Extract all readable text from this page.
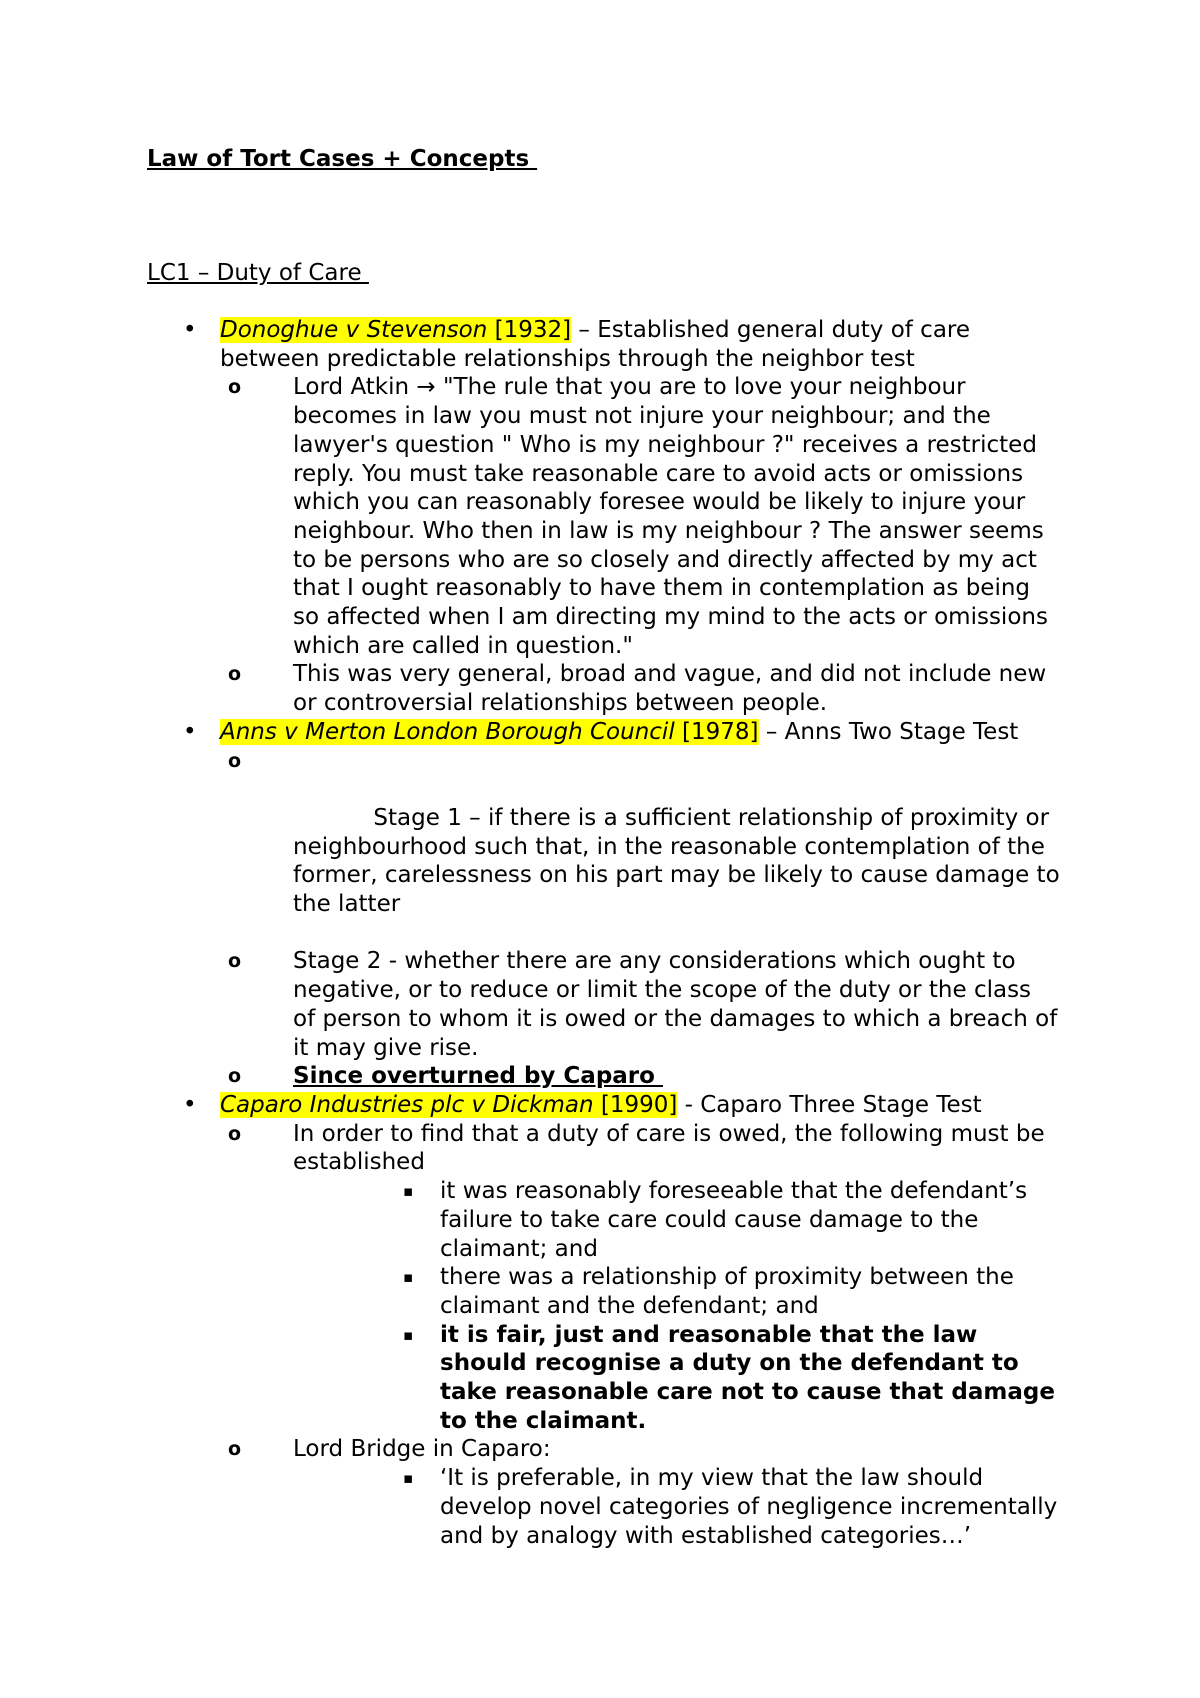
Law of Tort Cases + Concepts

LC1 – Duty of Care

• Donoghue v Stevenson [1932] – Established general duty of care between predictable relationships through the neighbor test
o Lord Atkin → "The rule that you are to love your neighbour becomes in law you must not injure your neighbour; and the lawyer's question " Who is my neighbour ?" receives a restricted reply. You must take reasonable care to avoid acts or omissions which you can reasonably foresee would be likely to injure your neighbour. Who then in law is my neighbour ? The answer seems to be persons who are so closely and directly affected by my act that I ought reasonably to have them in contemplation as being so affected when I am directing my mind to the acts or omissions which are called in question."
o This was very general, broad and vague, and did not include new or controversial relationships between people.
• Anns v Merton London Borough Council [1978] – Anns Two Stage Test

o

Stage 1 – if there is a sufficient relationship of proximity or neighbourhood such that, in the reasonable contemplation of the former, carelessness on his part may be likely to cause damage to the latter

o Stage 2 - whether there are any considerations which ought to negative, or to reduce or limit the scope of the duty or the class of person to whom it is owed or the damages to which a breach of it may give rise.
o Since overturned by Caparo
• Caparo Industries plc v Dickman [1990] - Caparo Three Stage Test
o In order to find that a duty of care is owed, the following must be established
▪ it was reasonably foreseeable that the defendant’s failure to take care could cause damage to the claimant; and
▪ there was a relationship of proximity between the claimant and the defendant; and
▪ it is fair, just and reasonable that the law should recognise a duty on the defendant to take reasonable care not to cause that damage to the claimant.
o Lord Bridge in Caparo:
▪ ‘It is preferable, in my view that the law should develop novel categories of negligence incrementally and by analogy with established categories…’
